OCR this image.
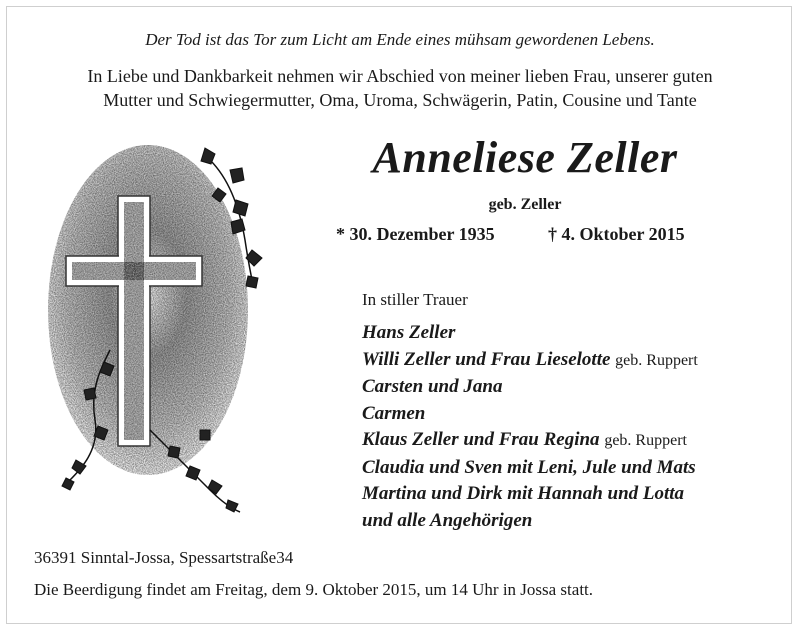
Der Tod ist das Tor zum Licht am Ende eines mühsam gewordenen Lebens.
In Liebe und Dankbarkeit nehmen wir Abschied von meiner lieben Frau, unserer guten
Mutter und Schwiegermutter, Oma, Uroma, Schwägerin, Patin, Cousine und Tante
Anneliese Zeller
geb. Zeller
* 30. Dezember 1935	† 4. Oktober 2015
In stiller Trauer
Hans Zeller
Willi Zeller und Frau Lieselotte geb. Ruppert
Carsten und Jana
Carmen
Klaus Zeller und Frau Regina geb. Ruppert
Claudia und Sven mit Leni, Jule und Mats
Martina und Dirk mit Hannah und Lotta
und alle Angehörigen
36391 Sinntal-Jossa, Spessartstraße34
Die Beerdigung findet am Freitag, dem 9. Oktober 2015, um 14 Uhr in Jossa statt.
